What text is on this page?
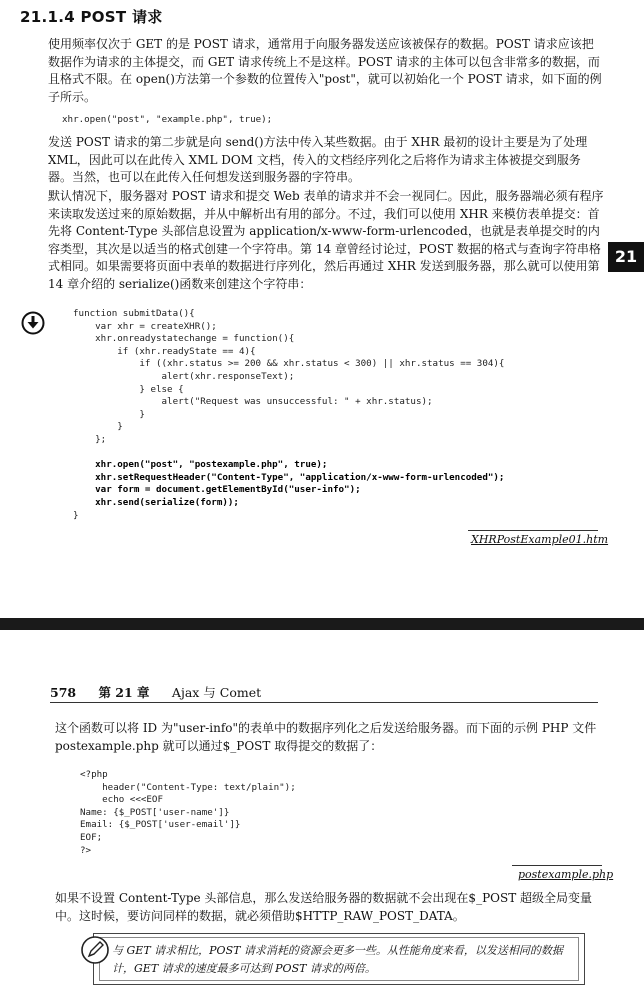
21.1.4 POST 请求
使用频率仅次于 GET 的是 POST 请求，通常用于向服务器发送应该被保存的数据。POST 请求应该把数据作为请求的主体提交，而 GET 请求传统上不是这样。POST 请求的主体可以包含非常多的数据，而且格式不限。在 open()方法第一个参数的位置传入"post"，就可以初始化一个 POST 请求，如下面的例子所示。
xhr.open("post", "example.php", true);
发送 POST 请求的第二步就是向 send()方法中传入某些数据。由于 XHR 最初的设计主要是为了处理 XML，因此可以在此传入 XML DOM 文档，传入的文档经序列化之后将作为请求主体被提交到服务器。当然，也可以在此传入任何想发送到服务器的字符串。
默认情况下，服务器对 POST 请求和提交 Web 表单的请求并不会一视同仁。因此，服务器端必须有程序来读取发送过来的原始数据，并从中解析出有用的部分。不过，我们可以使用 XHR 来模仿表单提交：首先将 Content-Type 头部信息设置为 application/x-www-form-urlencoded，也就是表单提交时的内容类型，其次是以适当的格式创建一个字符串。第 14 章曾经讨论过，POST 数据的格式与查询字符串格式相同。如果需要将页面中表单的数据进行序列化，然后再通过 XHR 发送到服务器，那么就可以使用第 14 章介绍的 serialize()函数来创建这个字符串：
21
function submitData(){
var xhr = createXHR();
xhr.onreadystatechange = function(){
if (xhr.readyState == 4){
if ((xhr.status >= 200 && xhr.status < 300) || xhr.status == 304){
alert(xhr.responseText);
} else {
alert("Request was unsuccessful: " + xhr.status);
}
}
};

xhr.open("post", "postexample.php", true);
xhr.setRequestHeader("Content-Type", "application/x-www-form-urlencoded");
var form = document.getElementById("user-info");
xhr.send(serialize(form));
}
XHRPostExample01.htm
578 第 21 章 Ajax 与 Comet
这个函数可以将 ID 为"user-info"的表单中的数据序列化之后发送给服务器。而下面的示例 PHP 文件 postexample.php 就可以通过$_POST 取得提交的数据了：
<?php
header("Content-Type: text/plain");
echo <<<EOF
Name: {$_POST['user-name']}
Email: {$_POST['user-email']}
EOF;
?>
postexample.php
如果不设置 Content-Type 头部信息，那么发送给服务器的数据就不会出现在$_POST 超级全局变量中。这时候，要访问同样的数据，就必须借助$HTTP_RAW_POST_DATA。
与 GET 请求相比，POST 请求消耗的资源会更多一些。从性能角度来看，以发送相同的数据计，GET 请求的速度最多可达到 POST 请求的两倍。
